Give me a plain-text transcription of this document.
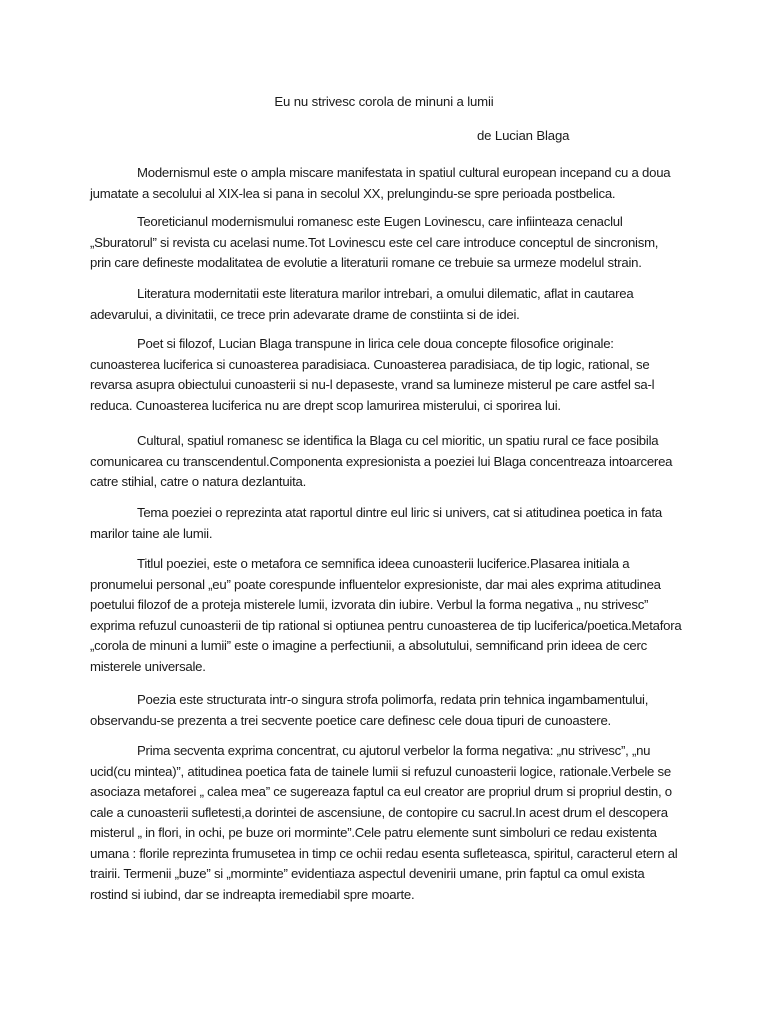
Eu nu strivesc corola de minuni a lumii
de Lucian Blaga

Modernismul este o ampla miscare manifestata in spatiul cultural european incepand cu a doua jumatate a secolului al XIX-lea si pana in secolul XX, prelungindu-se spre perioada postbelica.

Teoreticianul modernismului romanesc este Eugen Lovinescu, care infiinteaza cenaclul „Sburatorul” si revista cu acelasi nume.Tot Lovinescu este cel care introduce conceptul de sincronism, prin care defineste modalitatea de evolutie a literaturii romane ce trebuie sa urmeze modelul strain.

Literatura modernitatii este literatura marilor intrebari, a omului dilematic, aflat in cautarea adevarului, a divinitatii, ce trece prin adevarate drame de constiinta si de idei.

Poet si filozof, Lucian Blaga transpune in lirica cele doua concepte filosofice originale: cunoasterea luciferica si cunoasterea paradisiaca. Cunoasterea paradisiaca, de tip logic, rational, se revarsa asupra obiectului cunoasterii si nu-l depaseste, vrand sa lumineze misterul pe care astfel sa-l reduca. Cunoasterea luciferica nu are drept scop lamurirea misterului, ci sporirea lui.

Cultural, spatiul romanesc se identifica la Blaga cu cel mioritic, un spatiu rural ce face posibila comunicarea cu transcendentul.Componenta expresionista a poeziei lui Blaga concentreaza intoarcerea catre stihial, catre o natura dezlantuita.

Tema poeziei o reprezinta atat raportul dintre eul liric si univers, cat si atitudinea poetica in fata marilor taine ale lumii.

Titlul poeziei, este o metafora ce semnifica ideea cunoasterii luciferice.Plasarea initiala a pronumelui personal „eu” poate corespunde influentelor expresioniste, dar mai ales exprima atitudinea poetului filozof de a proteja misterele lumii, izvorata din iubire. Verbul la forma negativa „ nu strivesc” exprima refuzul cunoasterii de tip rational si optiunea pentru cunoasterea de tip luciferica/poetica.Metafora „corola de minuni a lumii” este o imagine a perfectiunii, a absolutului, semnificand prin ideea de cerc misterele universale.

Poezia este structurata intr-o singura strofa polimorfa, redata prin tehnica ingambamentului, observandu-se prezenta a trei secvente poetice care definesc cele doua tipuri de cunoastere.

Prima secventa exprima concentrat, cu ajutorul verbelor la forma negativa: „nu strivesc”, „nu ucid(cu mintea)”, atitudinea poetica fata de tainele lumii si refuzul cunoasterii logice, rationale.Verbele se asociaza metaforei „ calea mea” ce sugereaza faptul ca eul creator are propriul drum si propriul destin, o cale a cunoasterii sufletesti,a dorintei de ascensiune, de contopire cu sacrul.In acest drum el descopera misterul „ in flori, in ochi, pe buze ori morminte”.Cele patru elemente sunt simboluri ce redau existenta umana : florile reprezinta frumusetea in timp ce ochii redau esenta sufleteasca, spiritul, caracterul etern al trairii. Termenii „buze” si „morminte” evidentiaza aspectul devenirii umane, prin faptul ca omul exista rostind si iubind, dar se indreapta iremediabil spre moarte.
